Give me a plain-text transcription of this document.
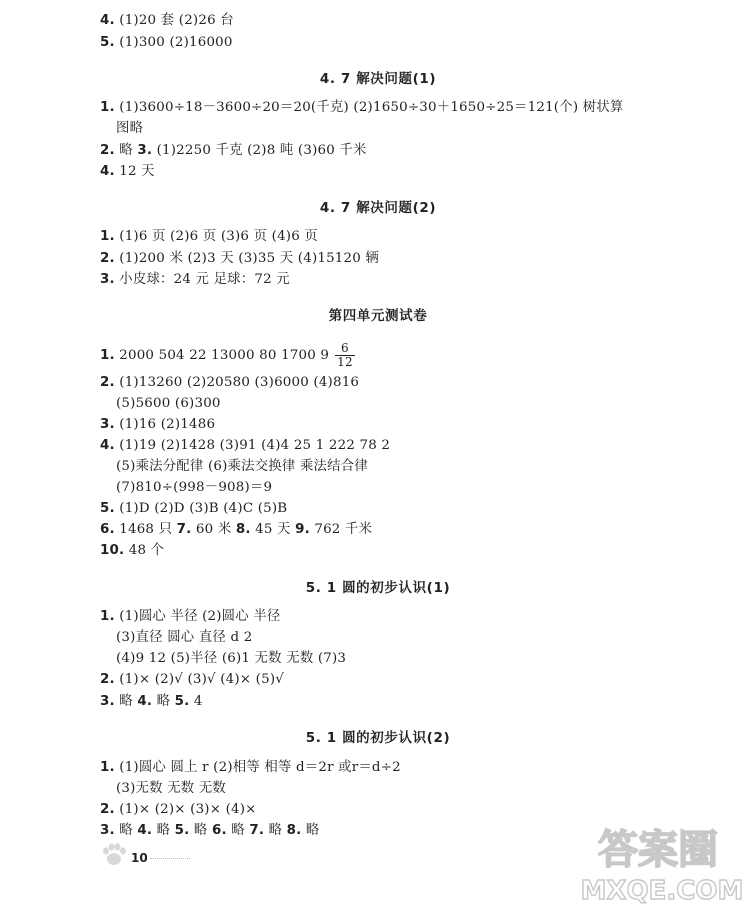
4. (1)20 套 (2)26 台
5. (1)300 (2)16000
4. 7 解决问题(1)
1. (1)3600÷18－3600÷20＝20(千克) (2)1650÷30＋1650÷25＝121(个) 树状算
图略
2. 略 3. (1)2250 千克 (2)8 吨 (3)60 千米
4. 12 天
4. 7 解决问题(2)
1. (1)6 页 (2)6 页 (3)6 页 (4)6 页
2. (1)200 米 (2)3 天 (3)35 天 (4)15120 辆
3. 小皮球：24 元 足球：72 元
第四单元测试卷
1. 2000 504 22 13000 80 1700 $9 \frac{6}{12}$
2. (1)13260 (2)20580 (3)6000 (4)816
(5)5600 (6)300
3. (1)16 (2)1486
4. (1)19 (2)1428 (3)91 (4)4 25 1 222 78 2
(5)乘法分配律 (6)乘法交换律 乘法结合律
(7)810÷(998－908)＝9
5. (1)D (2)D (3)B (4)C (5)B
6. 1468 只 7. 60 米 8. 45 天 9. 762 千米
10. 48 个
5. 1 圆的初步认识(1)
1. (1)圆心 半径 (2)圆心 半径
(3)直径 圆心 直径 d 2
(4)9 12 (5)半径 (6)1 无数 无数 (7)3
2. (1)× (2)√ (3)√ (4)× (5)√
3. 略 4. 略 5. 4
5. 1 圆的初步认识(2)
1. (1)圆心 圆上 r (2)相等 相等 d＝2r 或r＝d÷2
(3)无数 无数 无数
2. (1)× (2)× (3)× (4)×
3. 略 4. 略 5. 略 6. 略 7. 略 8. 略
10	答案圈
MXQE.COM
